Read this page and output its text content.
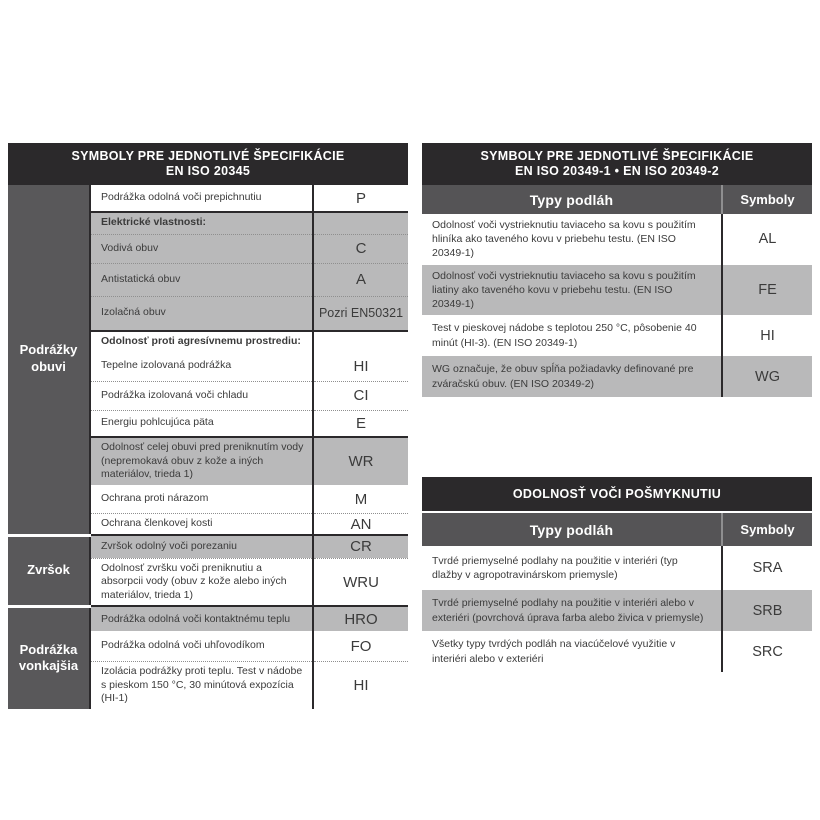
SYMBOLY PRE JEDNOTLIVÉ ŠPECIFIKÁCIE
EN ISO 20345
Podrážky obuvi	Podrážka odolná voči prepichnutiu	P
	Elektrické vlastnosti:	
	Vodivá obuv	C
	Antistatická obuv	A
	Izolačná obuv	Pozri EN50321
	Odolnosť proti agresívnemu prostrediu:	
	Tepelne izolovaná podrážka	HI
	Podrážka izolovaná voči chladu	CI
	Energiu pohlcujúca päta	E
	Odolnosť celej obuvi pred preniknutím vody (nepremokavá obuv z kože a iných materiálov, trieda 1)	WR
	Ochrana proti nárazom	M
	Ochrana členkovej kosti	AN
Zvršok	Zvršok odolný voči porezaniu	CR
	Odolnosť zvršku voči preniknutiu a absorpcii vody (obuv z kože alebo iných materiálov, trieda 1)	WRU
Podrážka vonkajšia	Podrážka odolná voči kontaktnému teplu	HRO
	Podrážka odolná voči uhľovodíkom	FO
	Izolácia podrážky proti teplu. Test v nádobe s pieskom 150 °C, 30 minútová expozícia (HI-1)	HI
SYMBOLY PRE JEDNOTLIVÉ ŠPECIFIKÁCIE
EN ISO 20349-1 • EN ISO 20349-2
Typy podláh	Symboly
Odolnosť voči vystrieknutiu taviaceho sa kovu s použitím hliníka ako taveného kovu v priebehu testu. (EN ISO 20349-1)	AL
Odolnosť voči vystrieknutiu taviaceho sa kovu s použitím liatiny ako taveného kovu v priebehu testu. (EN ISO 20349-1)	FE
Test v pieskovej nádobe s teplotou 250 °C, pôsobenie 40 minút (HI-3). (EN ISO 20349-1)	HI
WG označuje, že obuv spĺňa požiadavky definované pre zváračskú obuv. (EN ISO 20349-2)	WG
ODOLNOSŤ VOČI POŠMYKNUTIU
Typy podláh	Symboly
Tvrdé priemyselné podlahy na použitie v interiéri (typ dlažby v agropotravinárskom priemysle)	SRA
Tvrdé priemyselné podlahy na použitie v interiéri alebo v exteriéri (povrchová úprava farba alebo živica v priemysle)	SRB
Všetky typy tvrdých podláh na viacúčelové využitie v interiéri alebo v exteriéri	SRC
